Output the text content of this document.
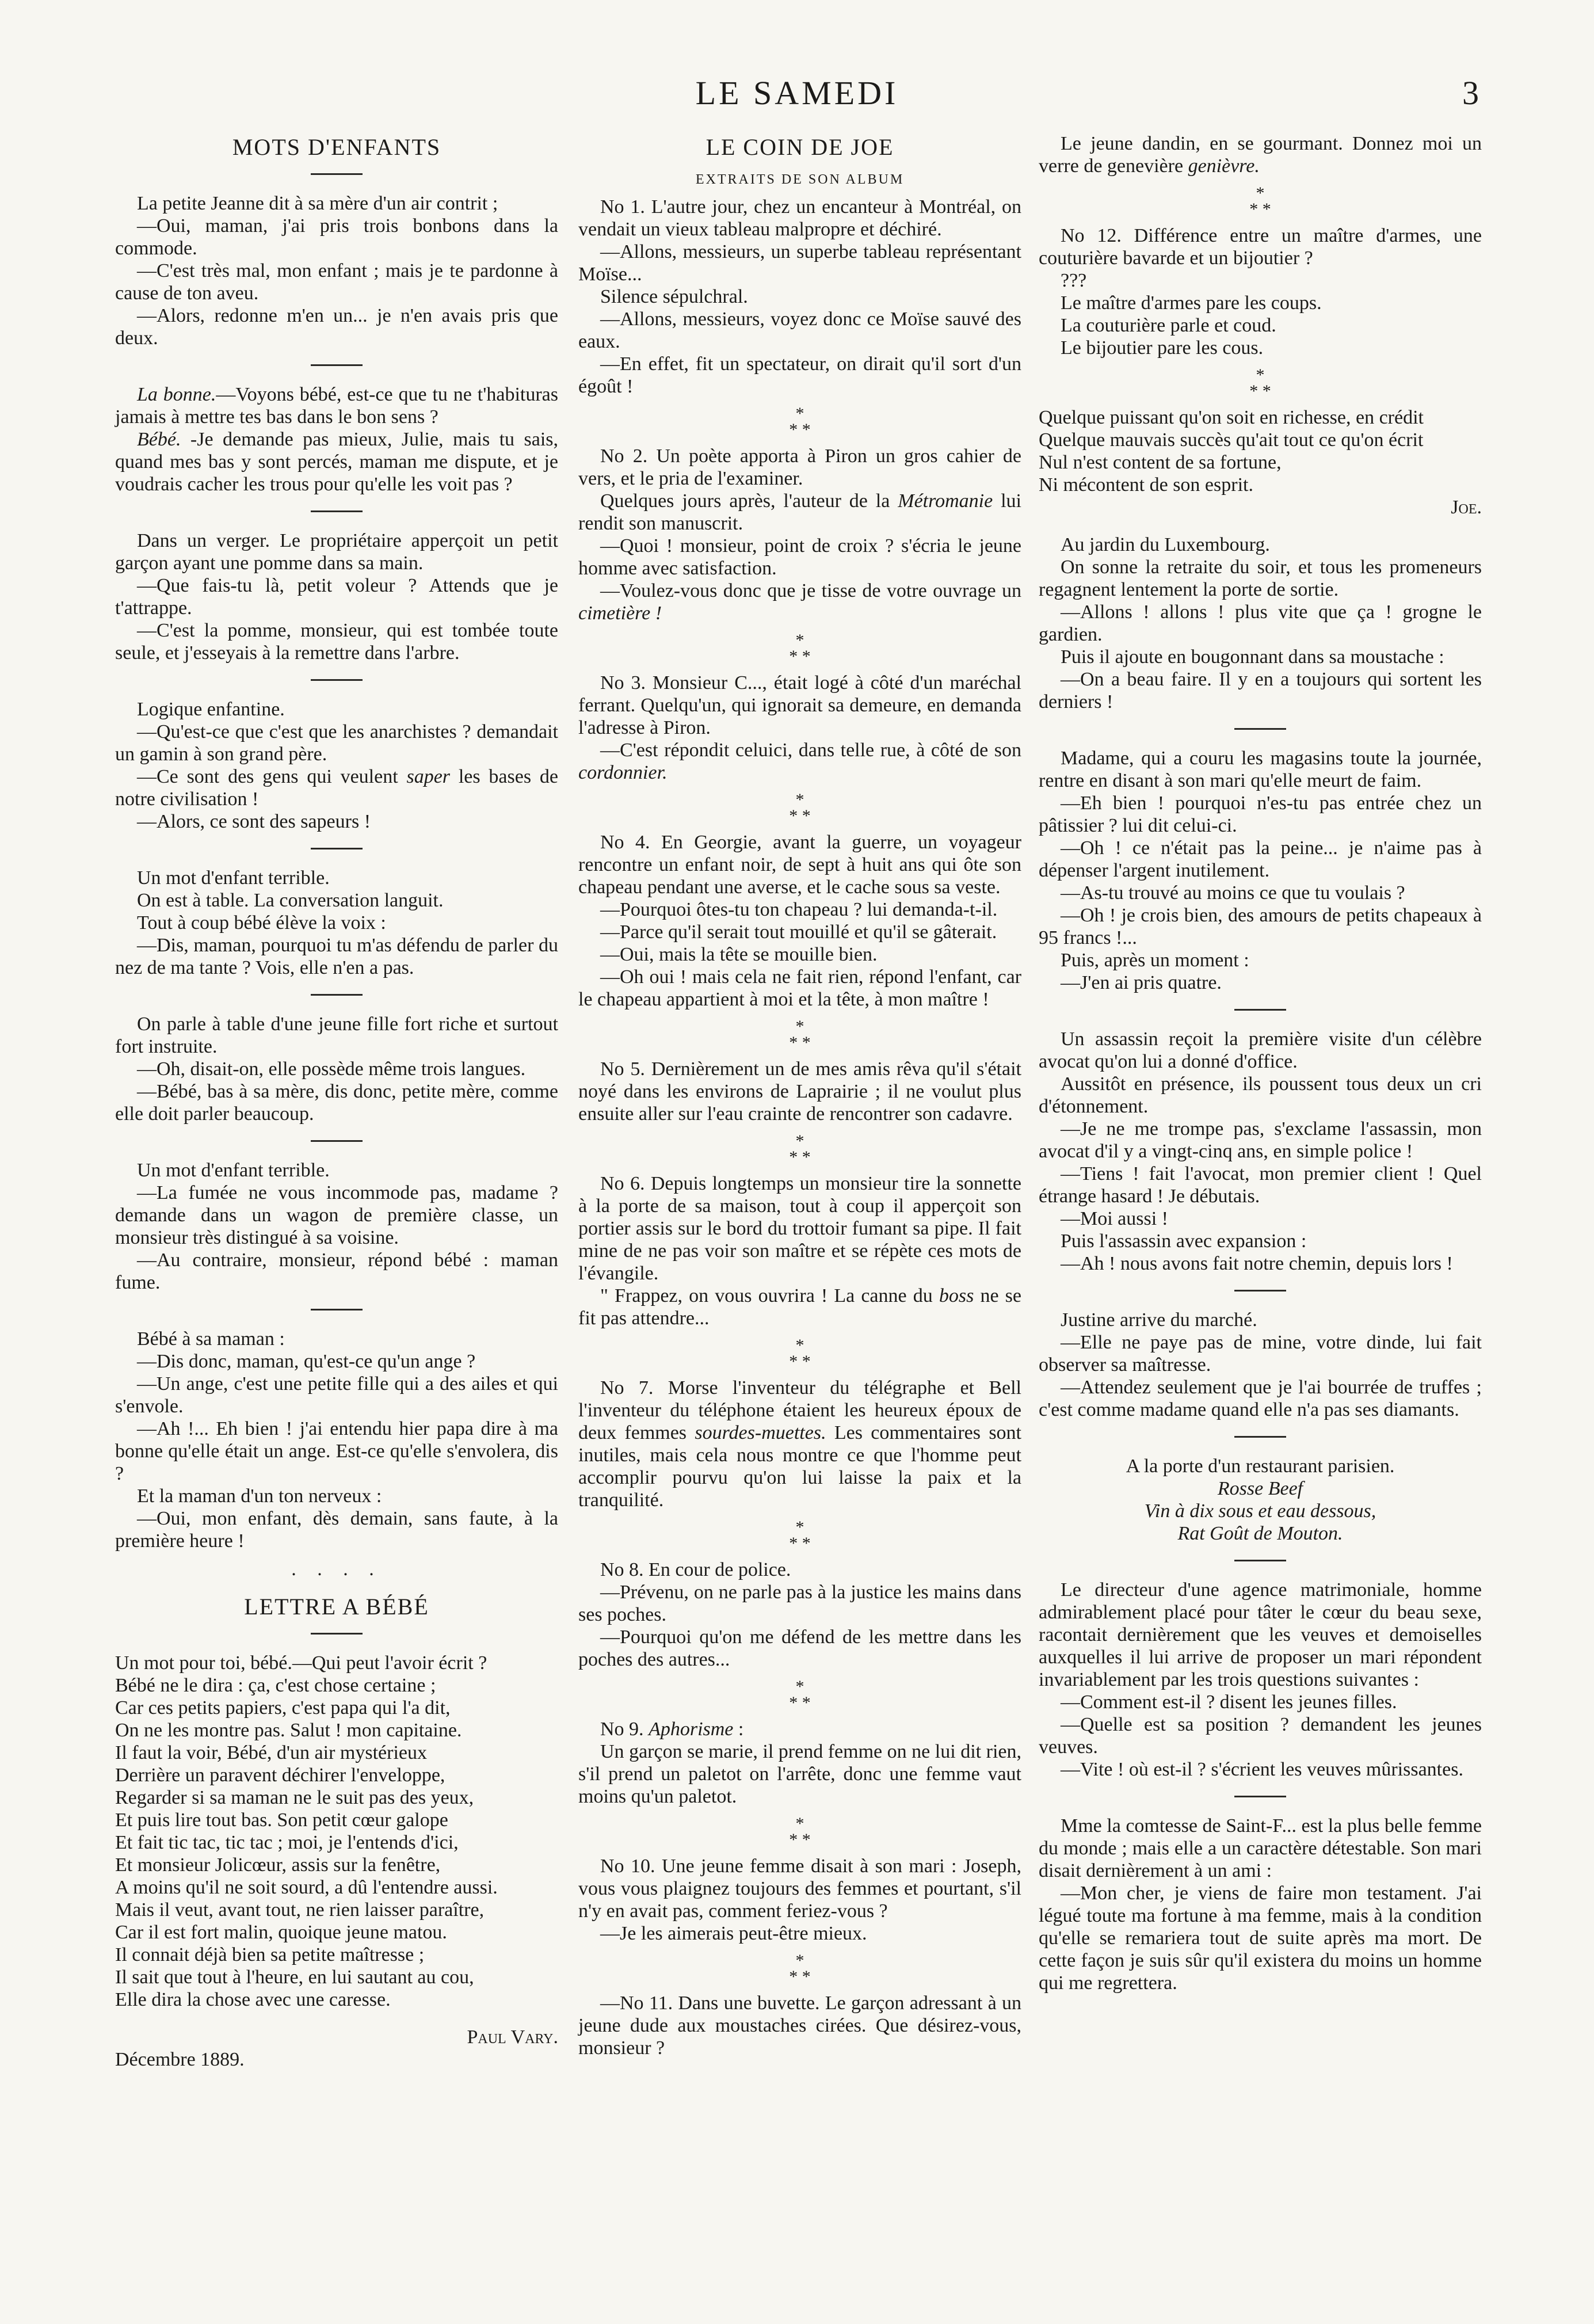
LE SAMEDI	3
MOTS D'ENFANTS

La petite Jeanne dit à sa mère d'un air contrit ;

—Oui, maman, j'ai pris trois bonbons dans la commode.

—C'est très mal, mon enfant ; mais je te pardonne à cause de ton aveu.

—Alors, redonne m'en un... je n'en avais pris que deux.

La bonne.—Voyons bébé, est-ce que tu ne t'habituras jamais à mettre tes bas dans le bon sens ?

Bébé. -Je demande pas mieux, Julie, mais tu sais, quand mes bas y sont percés, maman me dispute, et je voudrais cacher les trous pour qu'elle les voit pas ?

Dans un verger. Le propriétaire apperçoit un petit garçon ayant une pomme dans sa main.

—Que fais-tu là, petit voleur ? Attends que je t'attrappe.

—C'est la pomme, monsieur, qui est tombée toute seule, et j'esseyais à la remettre dans l'arbre.

Logique enfantine.

—Qu'est-ce que c'est que les anarchistes ? demandait un gamin à son grand père.

—Ce sont des gens qui veulent saper les bases de notre civilisation !

—Alors, ce sont des sapeurs !

Un mot d'enfant terrible.

On est à table. La conversation languit.

Tout à coup bébé élève la voix :

—Dis, maman, pourquoi tu m'as défendu de parler du nez de ma tante ? Vois, elle n'en a pas.

On parle à table d'une jeune fille fort riche et surtout fort instruite.

—Oh, disait-on, elle possède même trois langues.

—Bébé, bas à sa mère, dis donc, petite mère, comme elle doit parler beaucoup.

Un mot d'enfant terrible.

—La fumée ne vous incommode pas, madame ? demande dans un wagon de première classe, un monsieur très distingué à sa voisine.

—Au contraire, monsieur, répond bébé : maman fume.

Bébé à sa maman :

—Dis donc, maman, qu'est-ce qu'un ange ?

—Un ange, c'est une petite fille qui a des ailes et qui s'envole.

—Ah !... Eh bien ! j'ai entendu hier papa dire à ma bonne qu'elle était un ange. Est-ce qu'elle s'envolera, dis ?

Et la maman d'un ton nerveux :

—Oui, mon enfant, dès demain, sans faute, à la première heure !

. . . .
LETTRE A BÉBÉ

Un mot pour toi, bébé.—Qui peut l'avoir écrit ?

Bébé ne le dira : ça, c'est chose certaine ;

Car ces petits papiers, c'est papa qui l'a dit,

On ne les montre pas. Salut ! mon capitaine.

Il faut la voir, Bébé, d'un air mystérieux

Derrière un paravent déchirer l'enveloppe,

Regarder si sa maman ne le suit pas des yeux,

Et puis lire tout bas. Son petit cœur galope

Et fait tic tac, tic tac ; moi, je l'entends d'ici,

Et monsieur Jolicœur, assis sur la fenêtre,

A moins qu'il ne soit sourd, a dû l'entendre aussi.

Mais il veut, avant tout, ne rien laisser paraître,

Car il est fort malin, quoique jeune matou.

Il connait déjà bien sa petite maîtresse ;

Il sait que tout à l'heure, en lui sautant au cou,

Elle dira la chose avec une caresse.

Paul Vary.

Décembre 1889.

LE COIN DE JOE
EXTRAITS DE SON ALBUM

No 1. L'autre jour, chez un encanteur à Montréal, on vendait un vieux tableau malpropre et déchiré.

—Allons, messieurs, un superbe tableau représentant Moïse...

Silence sépulchral.

—Allons, messieurs, voyez donc ce Moïse sauvé des eaux.

—En effet, fit un spectateur, on dirait qu'il sort d'un égoût !

*
* *

No 2. Un poète apporta à Piron un gros cahier de vers, et le pria de l'examiner.

Quelques jours après, l'auteur de la Métromanie lui rendit son manuscrit.

—Quoi ! monsieur, point de croix ? s'écria le jeune homme avec satisfaction.

—Voulez-vous donc que je tisse de votre ouvrage un cimetière !

*
* *

No 3. Monsieur C..., était logé à côté d'un maréchal ferrant. Quelqu'un, qui ignorait sa demeure, en demanda l'adresse à Piron.

—C'est répondit celuici, dans telle rue, à côté de son cordonnier.

*
* *

No 4. En Georgie, avant la guerre, un voyageur rencontre un enfant noir, de sept à huit ans qui ôte son chapeau pendant une averse, et le cache sous sa veste.

—Pourquoi ôtes-tu ton chapeau ? lui demanda-t-il.

—Parce qu'il serait tout mouillé et qu'il se gâterait.

—Oui, mais la tête se mouille bien.

—Oh oui ! mais cela ne fait rien, répond l'enfant, car le chapeau appartient à moi et la tête, à mon maître !

*
* *

No 5. Dernièrement un de mes amis rêva qu'il s'était noyé dans les environs de Laprairie ; il ne voulut plus ensuite aller sur l'eau crainte de rencontrer son cadavre.

*
* *

No 6. Depuis longtemps un monsieur tire la sonnette à la porte de sa maison, tout à coup il apperçoit son portier assis sur le bord du trottoir fumant sa pipe. Il fait mine de ne pas voir son maître et se répète ces mots de l'évangile.

" Frappez, on vous ouvrira ! La canne du boss ne se fit pas attendre...

*
* *

No 7. Morse l'inventeur du télégraphe et Bell l'inventeur du téléphone étaient les heureux époux de deux femmes sourdes-muettes. Les commentaires sont inutiles, mais cela nous montre ce que l'homme peut accomplir pourvu qu'on lui laisse la paix et la tranquilité.

*
* *

No 8. En cour de police.

—Prévenu, on ne parle pas à la justice les mains dans ses poches.

—Pourquoi qu'on me défend de les mettre dans les poches des autres...

*
* *

No 9. Aphorisme :

Un garçon se marie, il prend femme on ne lui dit rien, s'il prend un paletot on l'arrête, donc une femme vaut moins qu'un paletot.

*
* *

No 10. Une jeune femme disait à son mari : Joseph, vous vous plaignez toujours des femmes et pourtant, s'il n'y en avait pas, comment feriez-vous ?

—Je les aimerais peut-être mieux.

*
* *

—No 11. Dans une buvette. Le garçon adressant à un jeune dude aux moustaches cirées. Que désirez-vous, monsieur ?

Le jeune dandin, en se gourmant. Donnez moi un verre de genevière genièvre.

*
* *

No 12. Différence entre un maître d'armes, une couturière bavarde et un bijoutier ?

???

Le maître d'armes pare les coups.

La couturière parle et coud.

Le bijoutier pare les cous.

*
* *

Quelque puissant qu'on soit en richesse, en crédit

Quelque mauvais succès qu'ait tout ce qu'on écrit

Nul n'est content de sa fortune,

Ni mécontent de son esprit.

Joe.

Au jardin du Luxembourg.

On sonne la retraite du soir, et tous les promeneurs regagnent lentement la porte de sortie.

—Allons ! allons ! plus vite que ça ! grogne le gardien.

Puis il ajoute en bougonnant dans sa moustache :

—On a beau faire. Il y en a toujours qui sortent les derniers !

Madame, qui a couru les magasins toute la journée, rentre en disant à son mari qu'elle meurt de faim.

—Eh bien ! pourquoi n'es-tu pas entrée chez un pâtissier ? lui dit celui-ci.

—Oh ! ce n'était pas la peine... je n'aime pas à dépenser l'argent inutilement.

—As-tu trouvé au moins ce que tu voulais ?

—Oh ! je crois bien, des amours de petits chapeaux à 95 francs !...

Puis, après un moment :

—J'en ai pris quatre.

Un assassin reçoit la première visite d'un célèbre avocat qu'on lui a donné d'office.

Aussitôt en présence, ils poussent tous deux un cri d'étonnement.

—Je ne me trompe pas, s'exclame l'assassin, mon avocat d'il y a vingt-cinq ans, en simple police !

—Tiens ! fait l'avocat, mon premier client ! Quel étrange hasard ! Je débutais.

—Moi aussi !

Puis l'assassin avec expansion :

—Ah ! nous avons fait notre chemin, depuis lors !

Justine arrive du marché.

—Elle ne paye pas de mine, votre dinde, lui fait observer sa maîtresse.

—Attendez seulement que je l'ai bourrée de truffes ; c'est comme madame quand elle n'a pas ses diamants.

A la porte d'un restaurant parisien.

Rosse Beef

Vin à dix sous et eau dessous,

Rat Goût de Mouton.

Le directeur d'une agence matrimoniale, homme admirablement placé pour tâter le cœur du beau sexe, racontait dernièrement que les veuves et demoiselles auxquelles il lui arrive de proposer un mari répondent invariablement par les trois questions suivantes :

—Comment est-il ? disent les jeunes filles.

—Quelle est sa position ? demandent les jeunes veuves.

—Vite ! où est-il ? s'écrient les veuves mûrissantes.

Mme la comtesse de Saint-F... est la plus belle femme du monde ; mais elle a un caractère détestable. Son mari disait dernièrement à un ami :

—Mon cher, je viens de faire mon testament. J'ai légué toute ma fortune à ma femme, mais à la condition qu'elle se remariera tout de suite après ma mort. De cette façon je suis sûr qu'il existera du moins un homme qui me regrettera.
